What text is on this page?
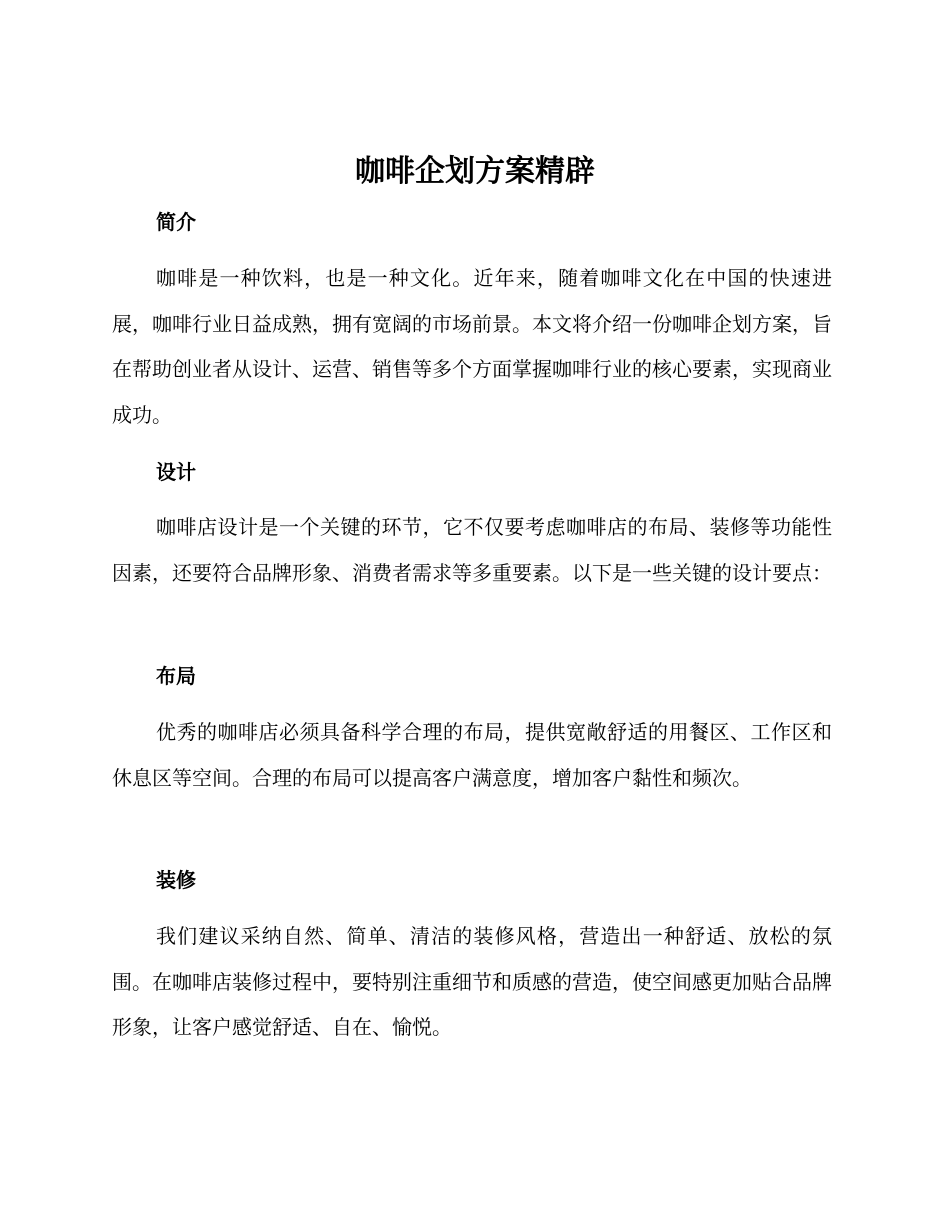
咖啡企划方案精辟
简介

咖啡是一种饮料，也是一种文化。近年来，随着咖啡文化在中国的快速进展，咖啡行业日益成熟，拥有宽阔的市场前景。本文将介绍一份咖啡企划方案，旨在帮助创业者从设计、运营、销售等多个方面掌握咖啡行业的核心要素，实现商业成功。

设计

咖啡店设计是一个关键的环节，它不仅要考虑咖啡店的布局、装修等功能性因素，还要符合品牌形象、消费者需求等多重要素。以下是一些关键的设计要点：

布局

优秀的咖啡店必须具备科学合理的布局，提供宽敞舒适的用餐区、工作区和休息区等空间。合理的布局可以提高客户满意度，增加客户黏性和频次。

装修

我们建议采纳自然、简单、清洁的装修风格，营造出一种舒适、放松的氛围。在咖啡店装修过程中，要特别注重细节和质感的营造，使空间感更加贴合品牌形象，让客户感觉舒适、自在、愉悦。
